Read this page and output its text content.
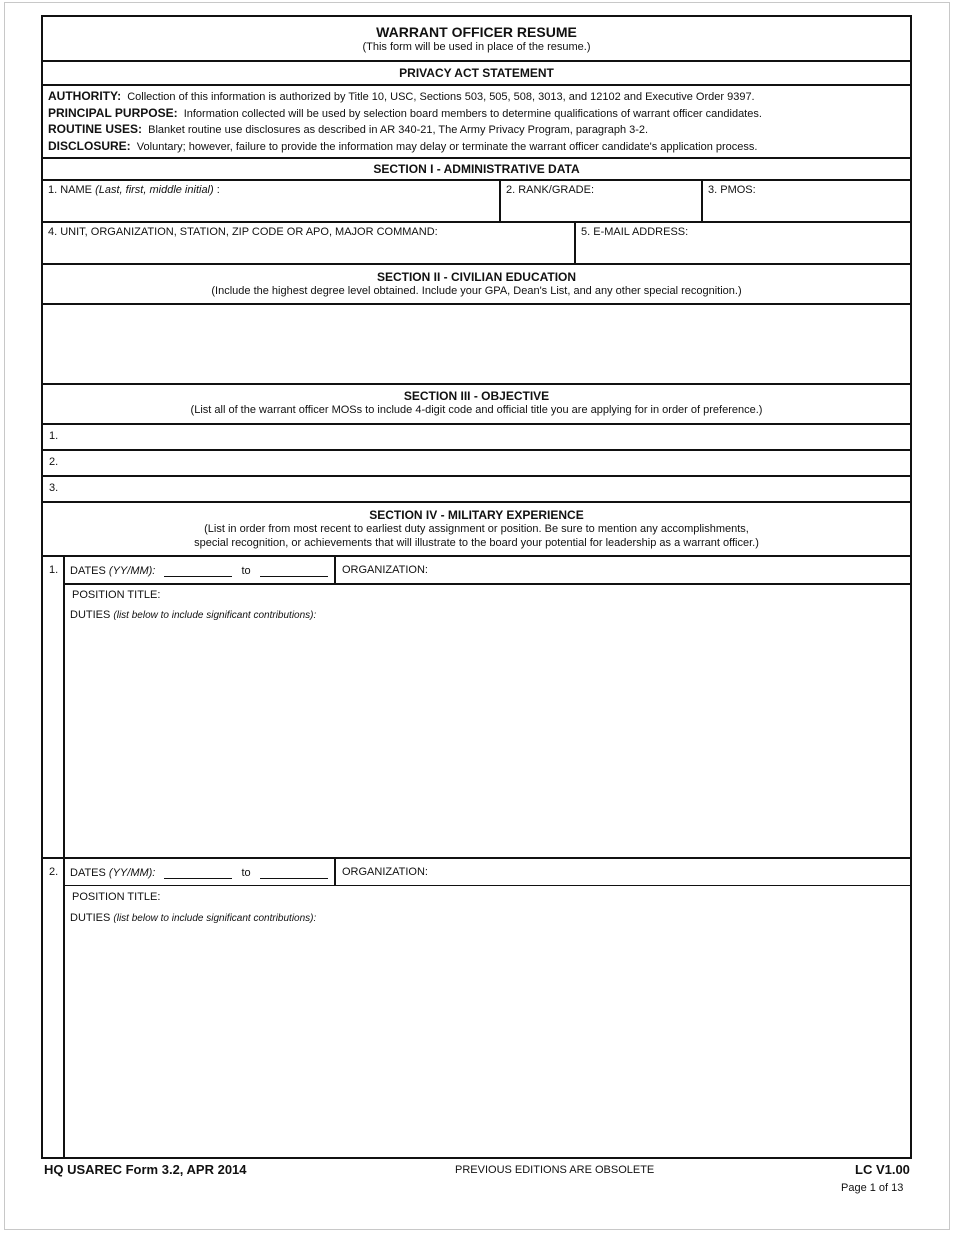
WARRANT OFFICER RESUME
(This form will be used in place of the resume.)
PRIVACY ACT STATEMENT
AUTHORITY: Collection of this information is authorized by Title 10, USC, Sections 503, 505, 508, 3013, and 12102 and Executive Order 9397.
PRINCIPAL PURPOSE: Information collected will be used by selection board members to determine qualifications of warrant officer candidates.
ROUTINE USES: Blanket routine use disclosures as described in AR 340-21, The Army Privacy Program, paragraph 3-2.
DISCLOSURE: Voluntary; however, failure to provide the information may delay or terminate the warrant officer candidate's application process.
SECTION I - ADMINISTRATIVE DATA
1. NAME (Last, first, middle initial) :	2. RANK/GRADE:	3. PMOS:
4. UNIT, ORGANIZATION, STATION, ZIP CODE OR APO, MAJOR COMMAND:	5. E-MAIL ADDRESS:
SECTION II - CIVILIAN EDUCATION
(Include the highest degree level obtained. Include your GPA, Dean's List, and any other special recognition.)
SECTION III - OBJECTIVE
(List all of the warrant officer MOSs to include 4-digit code and official title you are applying for in order of preference.)
1.
2.
3.
SECTION IV - MILITARY EXPERIENCE
(List in order from most recent to earliest duty assignment or position. Be sure to mention any accomplishments,
special recognition, or achievements that will illustrate to the board your potential for leadership as a warrant officer.)
1. DATES (YY/MM):	to	ORGANIZATION:
POSITION TITLE:
DUTIES (list below to include significant contributions):
2. DATES (YY/MM):	to	ORGANIZATION:
POSITION TITLE:
DUTIES (list below to include significant contributions):
HQ USAREC Form 3.2, APR 2014	PREVIOUS EDITIONS ARE OBSOLETE	LC V1.00
Page 1 of 13
